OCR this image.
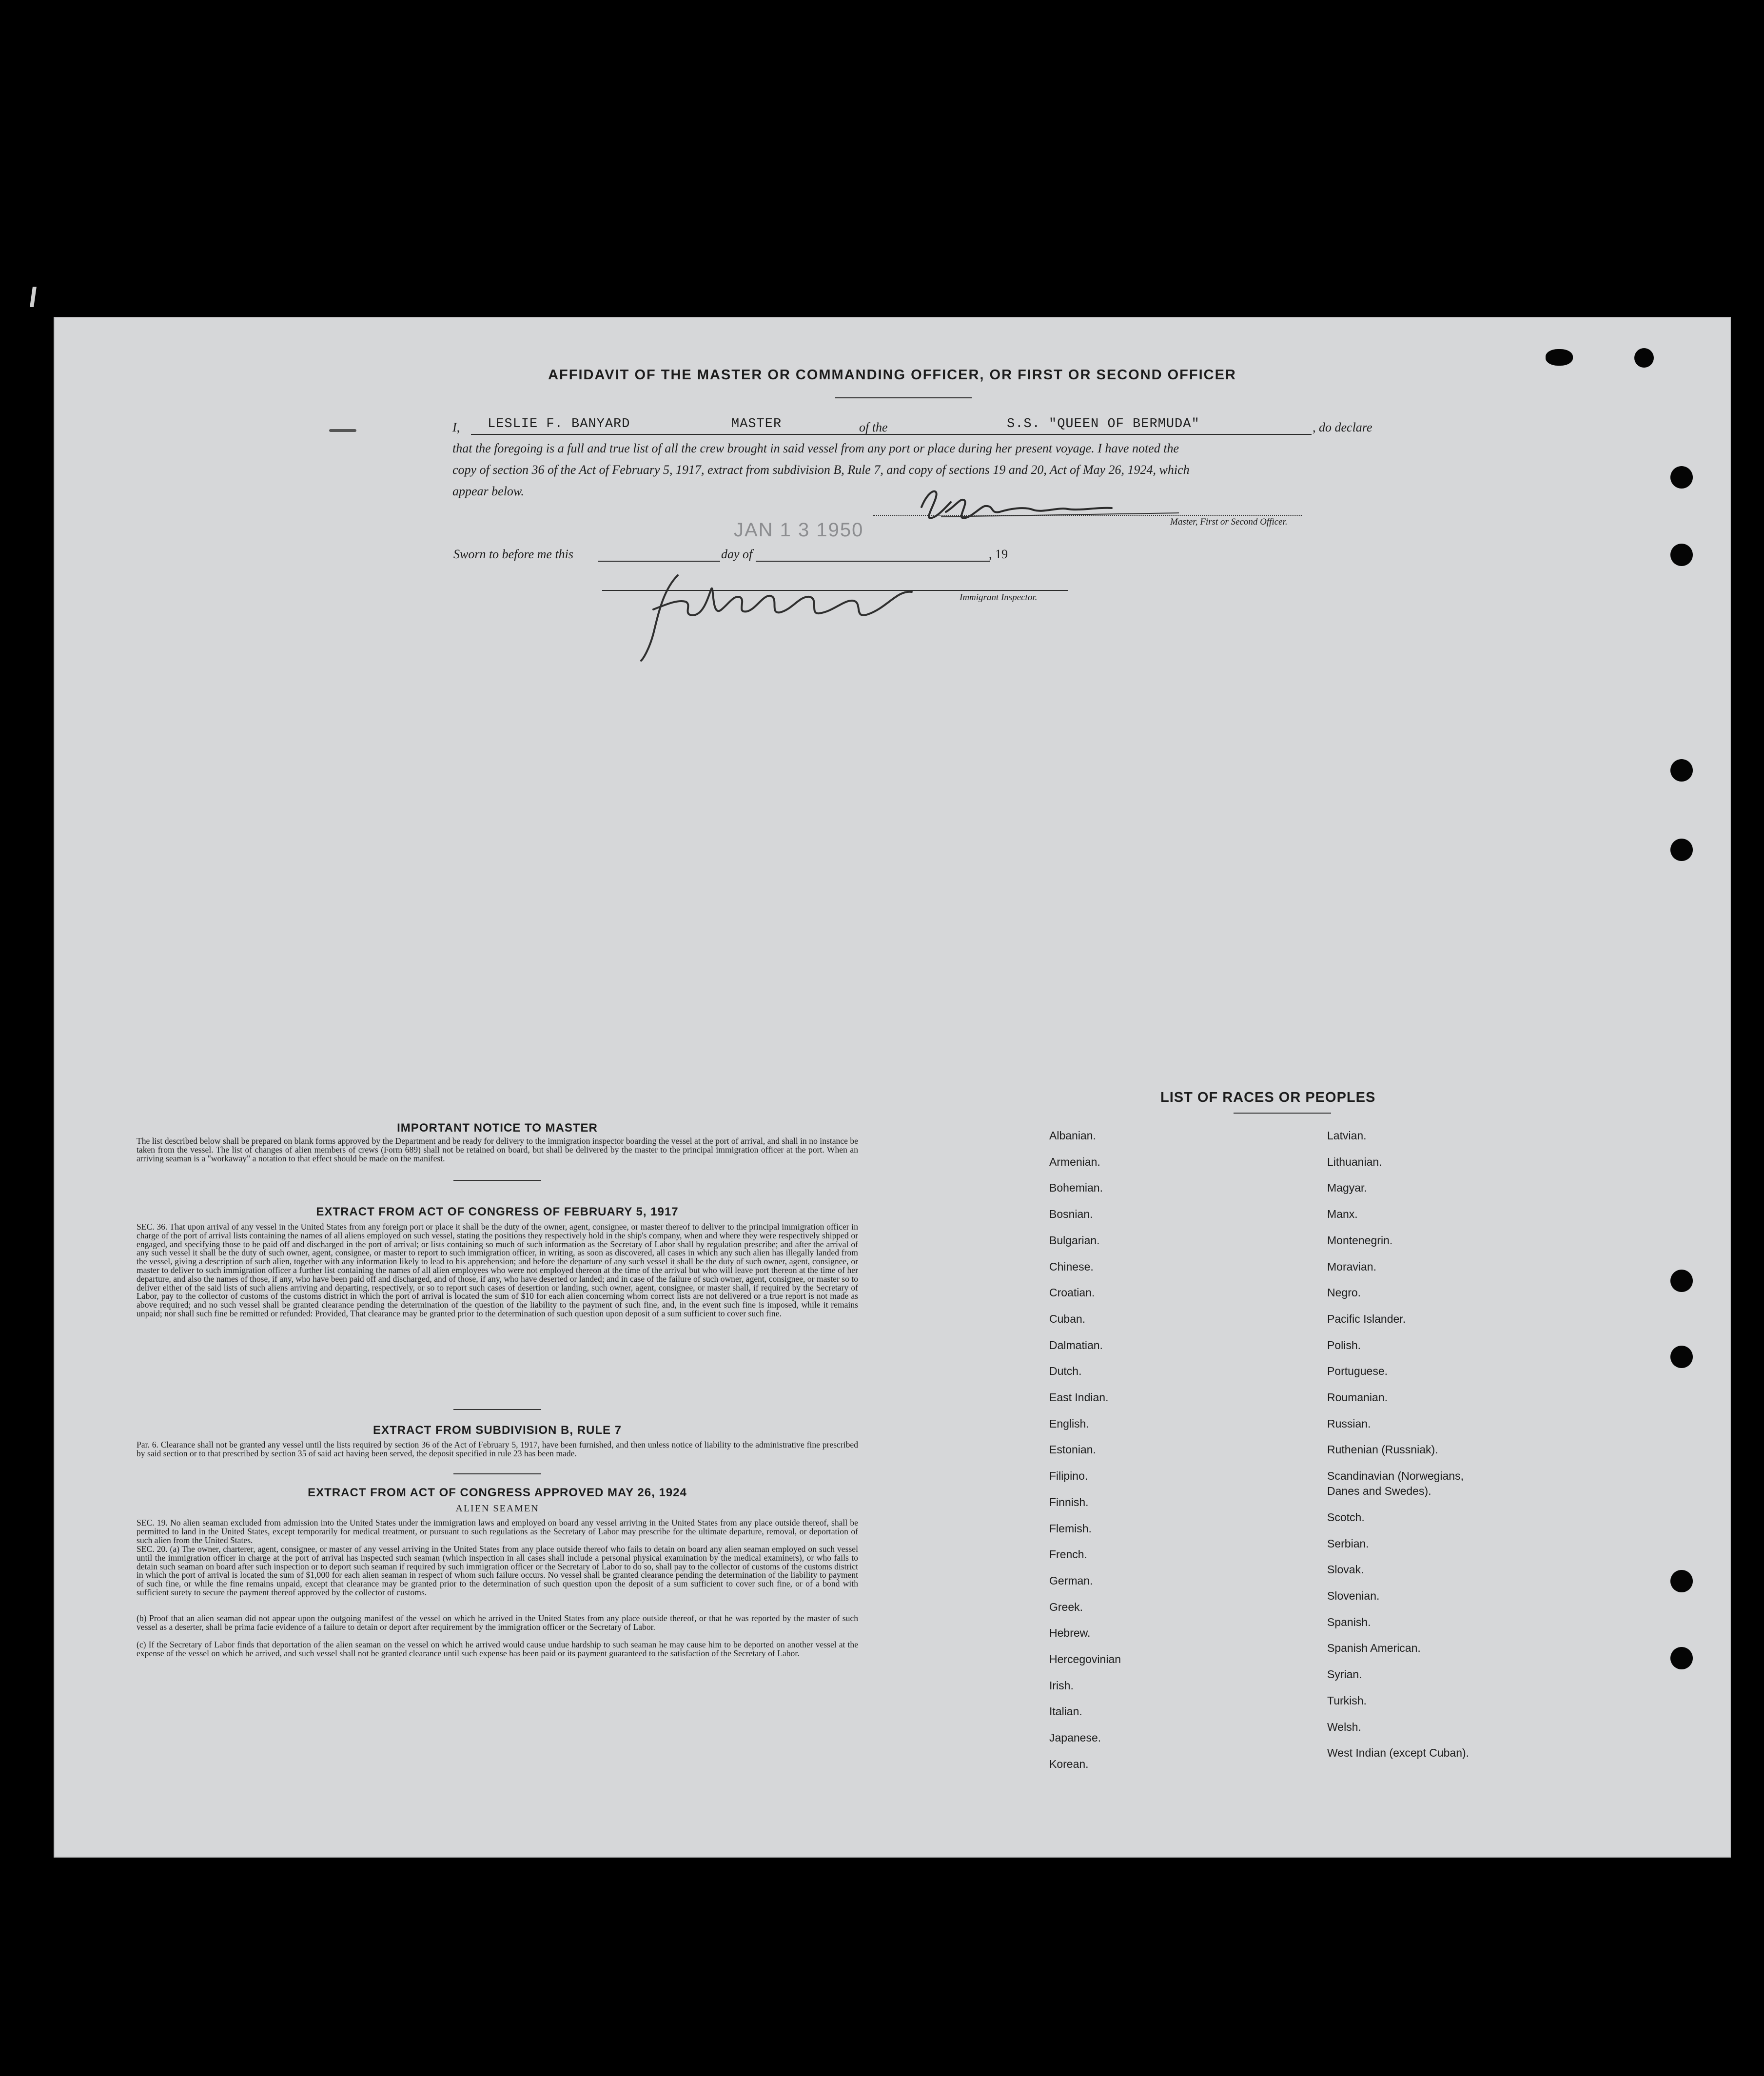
AFFIDAVIT OF THE MASTER OR COMMANDING OFFICER, OR FIRST OR SECOND OFFICER
I, LESLIE F. BANYARD	MASTER	of the	S.S. "QUEEN OF BERMUDA"	, do declare
that the foregoing is a full and true list of all the crew brought in said vessel from any port or place during her present voyage. I have noted the
copy of section 36 of the Act of February 5, 1917, extract from subdivision B, Rule 7, and copy of sections 19 and 20, Act of May 26, 1924, which
appear below.
Master, First or Second Officer.
JAN 1 3 1950
Sworn to before me this	day of	, 19
Immigrant Inspector.
IMPORTANT NOTICE TO MASTER

The list described below shall be prepared on blank forms approved by the Department and be ready for delivery to the immigration inspector boarding the vessel at the port of arrival, and shall in no instance be taken from the vessel. The list of changes of alien members of crews (Form 689) shall not be retained on board, but shall be delivered by the master to the principal immigration officer at the port. When an arriving seaman is a "workaway" a notation to that effect should be made on the manifest.

EXTRACT FROM ACT OF CONGRESS OF FEBRUARY 5, 1917

SEC. 36. That upon arrival of any vessel in the United States from any foreign port or place it shall be the duty of the owner, agent, consignee, or master thereof to deliver to the principal immigration officer in charge of the port of arrival lists containing the names of all aliens employed on such vessel, stating the positions they respectively hold in the ship's company, when and where they were respectively shipped or engaged, and specifying those to be paid off and discharged in the port of arrival; or lists containing so much of such information as the Secretary of Labor shall by regulation prescribe; and after the arrival of any such vessel it shall be the duty of such owner, agent, consignee, or master to report to such immigration officer, in writing, as soon as discovered, all cases in which any such alien has illegally landed from the vessel, giving a description of such alien, together with any information likely to lead to his apprehension; and before the departure of any such vessel it shall be the duty of such owner, agent, consignee, or master to deliver to such immigration officer a further list containing the names of all alien employees who were not employed thereon at the time of the arrival but who will leave port thereon at the time of her departure, and also the names of those, if any, who have been paid off and discharged, and of those, if any, who have deserted or landed; and in case of the failure of such owner, agent, consignee, or master so to deliver either of the said lists of such aliens arriving and departing, respectively, or so to report such cases of desertion or landing, such owner, agent, consignee, or master shall, if required by the Secretary of Labor, pay to the collector of customs of the customs district in which the port of arrival is located the sum of $10 for each alien concerning whom correct lists are not delivered or a true report is not made as above required; and no such vessel shall be granted clearance pending the determination of the question of the liability to the payment of such fine, and, in the event such fine is imposed, while it remains unpaid; nor shall such fine be remitted or refunded: Provided, That clearance may be granted prior to the determination of such question upon deposit of a sum sufficient to cover such fine.

EXTRACT FROM SUBDIVISION B, RULE 7

Par. 6. Clearance shall not be granted any vessel until the lists required by section 36 of the Act of February 5, 1917, have been furnished, and then unless notice of liability to the administrative fine prescribed by said section or to that prescribed by section 35 of said act having been served, the deposit specified in rule 23 has been made.

EXTRACT FROM ACT OF CONGRESS APPROVED MAY 26, 1924
ALIEN SEAMEN

SEC. 19. No alien seaman excluded from admission into the United States under the immigration laws and employed on board any vessel arriving in the United States from any place outside thereof, shall be permitted to land in the United States, except temporarily for medical treatment, or pursuant to such regulations as the Secretary of Labor may prescribe for the ultimate departure, removal, or deportation of such alien from the United States.

SEC. 20. (a) The owner, charterer, agent, consignee, or master of any vessel arriving in the United States from any place outside thereof who fails to detain on board any alien seaman employed on such vessel until the immigration officer in charge at the port of arrival has inspected such seaman (which inspection in all cases shall include a personal physical examination by the medical examiners), or who fails to detain such seaman on board after such inspection or to deport such seaman if required by such immigration officer or the Secretary of Labor to do so, shall pay to the collector of customs of the customs district in which the port of arrival is located the sum of $1,000 for each alien seaman in respect of whom such failure occurs. No vessel shall be granted clearance pending the determination of the liability to payment of such fine, or while the fine remains unpaid, except that clearance may be granted prior to the determination of such question upon the deposit of a sum sufficient to cover such fine, or of a bond with sufficient surety to secure the payment thereof approved by the collector of customs.

(b) Proof that an alien seaman did not appear upon the outgoing manifest of the vessel on which he arrived in the United States from any place outside thereof, or that he was reported by the master of such vessel as a deserter, shall be prima facie evidence of a failure to detain or deport after requirement by the immigration officer or the Secretary of Labor.

(c) If the Secretary of Labor finds that deportation of the alien seaman on the vessel on which he arrived would cause undue hardship to such seaman he may cause him to be deported on another vessel at the expense of the vessel on which he arrived, and such vessel shall not be granted clearance until such expense has been paid or its payment guaranteed to the satisfaction of the Secretary of Labor.

LIST OF RACES OR PEOPLES
Albanian.
Armenian.
Bohemian.
Bosnian.
Bulgarian.
Chinese.
Croatian.
Cuban.
Dalmatian.
Dutch.
East Indian.
English.
Estonian.
Filipino.
Finnish.
Flemish.
French.
German.
Greek.
Hebrew.
Hercegovinian
Irish.
Italian.
Japanese.
Korean.
Latvian.
Lithuanian.
Magyar.
Manx.
Montenegrin.
Moravian.
Negro.
Pacific Islander.
Polish.
Portuguese.
Roumanian.
Russian.
Ruthenian (Russniak).
Scandinavian (Norwegians,
Danes and Swedes).
Scotch.
Serbian.
Slovak.
Slovenian.
Spanish.
Spanish American.
Syrian.
Turkish.
Welsh.
West Indian (except Cuban).
